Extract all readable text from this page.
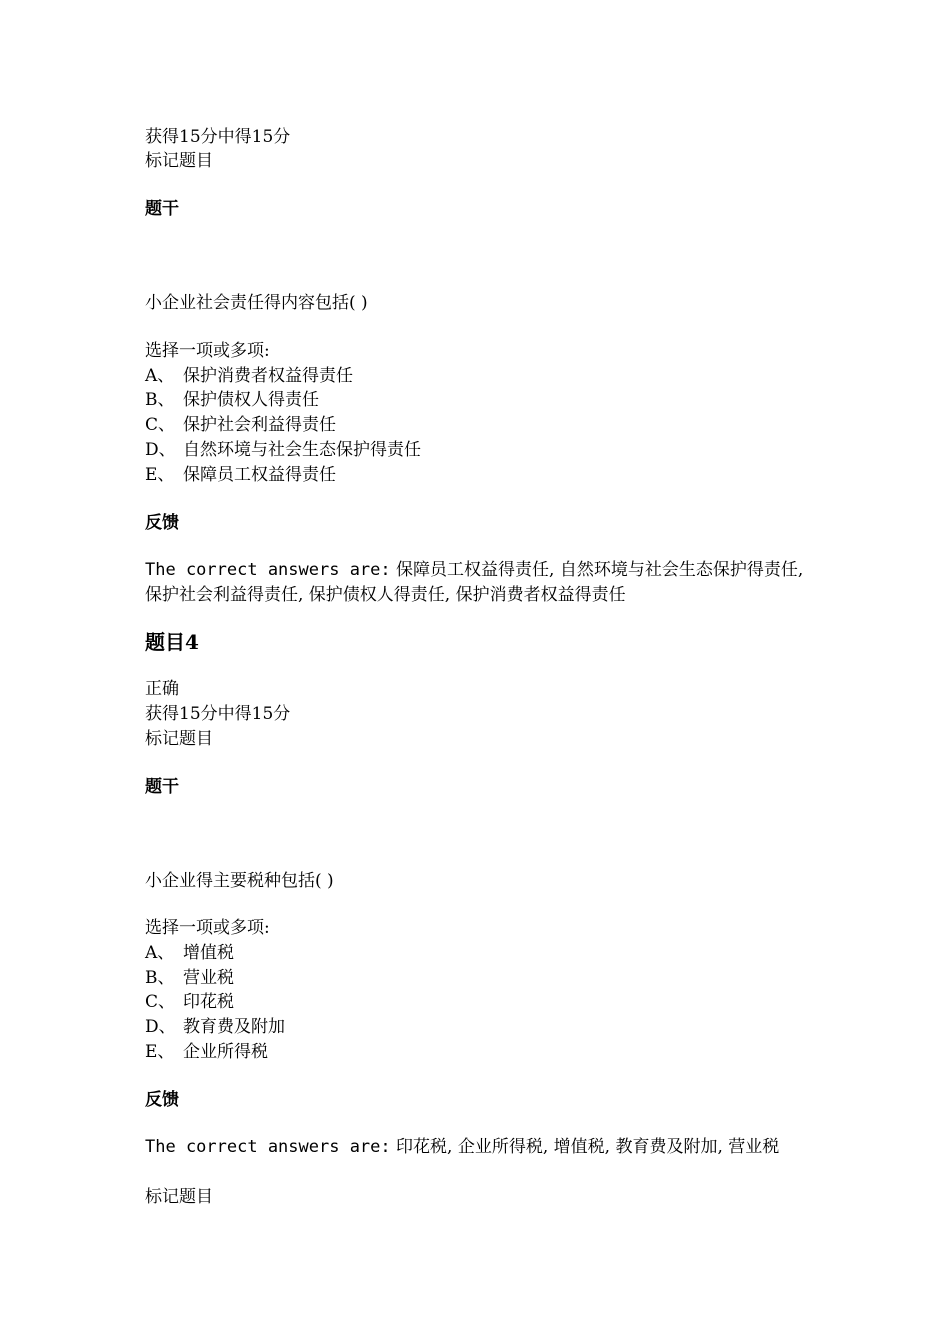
获得15分中得15分
标记题目
题干
小企业社会责任得内容包括( )
选择一项或多项:
A、 保护消费者权益得责任
B、 保护债权人得责任
C、 保护社会利益得责任
D、 自然环境与社会生态保护得责任
E、 保障员工权益得责任
反馈
The correct answers are: 保障员工权益得责任, 自然环境与社会生态保护得责任, 保护社会利益得责任, 保护债权人得责任, 保护消费者权益得责任
题目4
正确
获得15分中得15分
标记题目
题干
小企业得主要税种包括( )
选择一项或多项:
A、 增值税
B、 营业税
C、 印花税
D、 教育费及附加
E、 企业所得税
反馈
The correct answers are: 印花税, 企业所得税, 增值税, 教育费及附加, 营业税
标记题目
